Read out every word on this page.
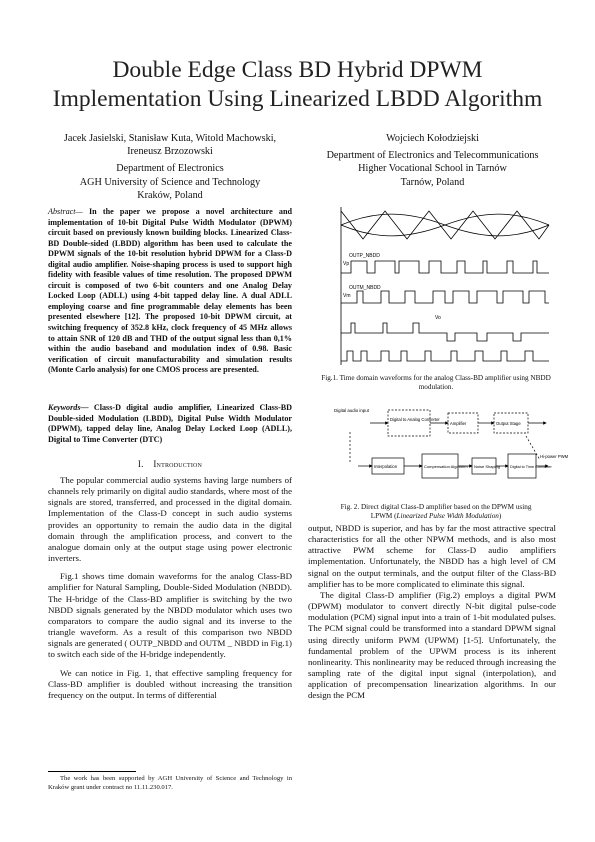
Double Edge Class BD Hybrid DPWM
Implementation Using Linearized LBDD Algorithm
Jacek Jasielski, Stanisław Kuta, Witold Machowski,
Ireneusz Brzozowski
Department of Electronics
AGH University of Science and Technology
Kraków, Poland
Wojciech Kołodziejski
Department of Electronics and Telecommunications
Higher Vocational School in Tarnów
Tarnów, Poland
Abstract— In the paper we propose a novel architecture and implementation of 10-bit Digital Pulse Width Modulator (DPWM) circuit based on previously known building blocks. Linearized Class-BD Double-sided (LBDD) algorithm has been used to calculate the DPWM signals of the 10-bit resolution hybrid DPWM for a Class-D digital audio amplifier. Noise-shaping process is used to support high fidelity with feasible values of time resolution. The proposed DPWM circuit is composed of two 6-bit counters and one Analog Delay Locked Loop (ADLL) using 4-bit tapped delay line. A dual ADLL employing coarse and fine programmable delay elements has been presented elsewhere [12]. The proposed 10-bit DPWM circuit, at switching frequency of 352.8 kHz, clock frequency of 45 MHz allows to attain SNR of 120 dB and THD of the output signal less than 0,1% within the audio baseband and modulation index of 0.98. Basic verification of circuit manufacturability and simulation results (Monte Carlo analysis) for one CMOS process are presented.
Keywords— Class-D digital audio amplifier, Linearized Class-BD Double-sided Modulation (LBDD), Digital Pulse Width Modulator (DPWM), tapped delay line, Analog Delay Locked Loop (ADLL), Digital to Time Converter (DTC)
I. Introduction

The popular commercial audio systems having large numbers of channels rely primarily on digital audio standards, where most of the signals are stored, transferred, and processed in the digital domain. Implementation of the Class-D concept in such audio systems provides an opportunity to remain the audio data in the digital domain through the amplification process, and convert to the analogue domain only at the output stage using power electronic inverters.

Fig.1 shows time domain waveforms for the analog Class-BD amplifier for Natural Sampling, Double-Sided Modulation (NBDD). The H-bridge of the Class-BD amplifier is switching by the two NBDD signals generated by the NBDD modulator which uses two comparators to compare the audio signal and its inverse to the triangle waveform. As a result of this comparison two NBDD signals are generated ( OUTP_NBDD and OUTM _ NBDD in Fig.1) to switch each side of the H-bridge independently.

We can notice in Fig. 1, that effective sampling frequency for Class-BD amplifier is doubled without increasing the transition frequency on the output. In terms of differential

The work has been supported by AGH University of Science and Technology in Kraków grant under contract no 11.11.230.017.
OUTP_NBDD
OUTM_NBDD
Vo
Vp
Vm
Fig.1. Time domain waveforms for the analog Class-BD amplifier using NBDD modulation.
Digital audio input
Digital to Analog Converter
Amplifier	Output Stage
Interpolation	Compensation Algorithm Noise Shaping	Digital to Time Converter
Hi-power PWM
Fig. 2. Direct digital Class-D amplifier based on the DPWM using
LPWM (Linearized Pulse Width Modulation)

output, NBDD is superior, and has by far the most attractive spectral characteristics for all the other NPWM methods, and is also most attractive PWM scheme for Class-D audio amplifiers implementation. Unfortunately, the NBDD has a high level of CM signal on the output terminals, and the output filter of the Class-BD amplifier has to be more complicated to eliminate this signal.

The digital Class-D amplifier (Fig.2) employs a digital PWM (DPWM) modulator to convert directly N-bit digital pulse-code modulation (PCM) signal input into a train of 1-bit modulated pulses. The PCM signal could be transformed into a standard DPWM signal using directly uniform PWM (UPWM) [1-5]. Unfortunately, the fundamental problem of the UPWM process is its inherent nonlinearity. This nonlinearity may be reduced through increasing the sampling rate of the digital input signal (interpolation), and application of precompensation linearization algorithms. In our design the PCM
